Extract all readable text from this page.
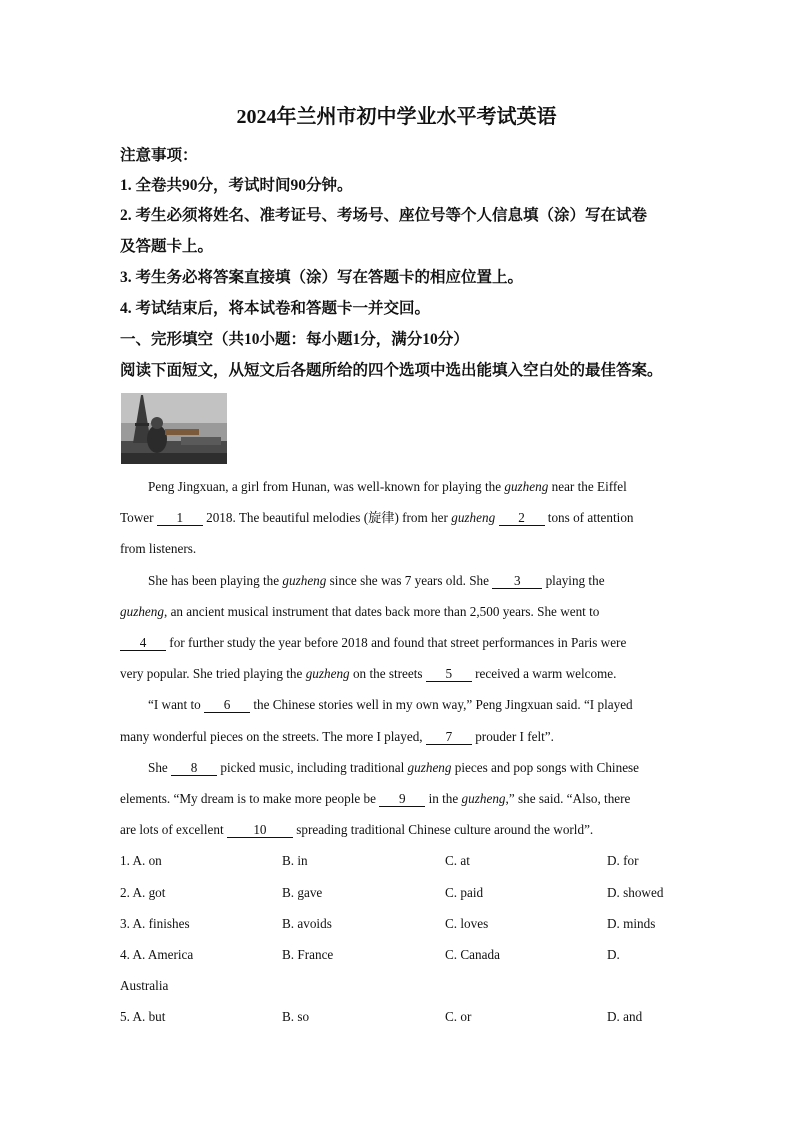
2024年兰州市初中学业水平考试英语
注意事项：
1. 全卷共90分，考试时间90分钟。
2. 考生必须将姓名、准考证号、考场号、座位号等个人信息填（涂）写在试卷
及答题卡上。
3. 考生务必将答案直接填（涂）写在答题卡的相应位置上。
4. 考试结束后，将本试卷和答题卡一并交回。
一、完形填空（共10小题：每小题1分，满分10分）
阅读下面短文，从短文后各题所给的四个选项中选出能填入空白处的最佳答案。
Peng Jingxuan, a girl from Hunan, was well-known for playing the guzheng near the Eiffel
Tower 1 2018. The beautiful melodies (旋律) from her guzheng 2 tons of attention
from listeners.
She has been playing the guzheng since she was 7 years old. She 3 playing the
guzheng, an ancient musical instrument that dates back more than 2,500 years. She went to
4 for further study the year before 2018 and found that street performances in Paris were
very popular. She tried playing the guzheng on the streets 5 received a warm welcome.
“I want to 6 the Chinese stories well in my own way,” Peng Jingxuan said. “I played
many wonderful pieces on the streets. The more I played, 7 prouder I felt”.
She 8 picked music, including traditional guzheng pieces and pop songs with Chinese
elements. “My dream is to make more people be 9 in the guzheng,” she said. “Also, there
are lots of excellent 10 spreading traditional Chinese culture around the world”.
1. A. on	B. in	C. at	D. for
2. A. got	B. gave	C. paid	D. showed
3. A. finishes	B. avoids	C. loves	D. minds
4. A. America	B. France	C. Canada	D.
Australia
5. A. but	B. so	C. or	D. and
